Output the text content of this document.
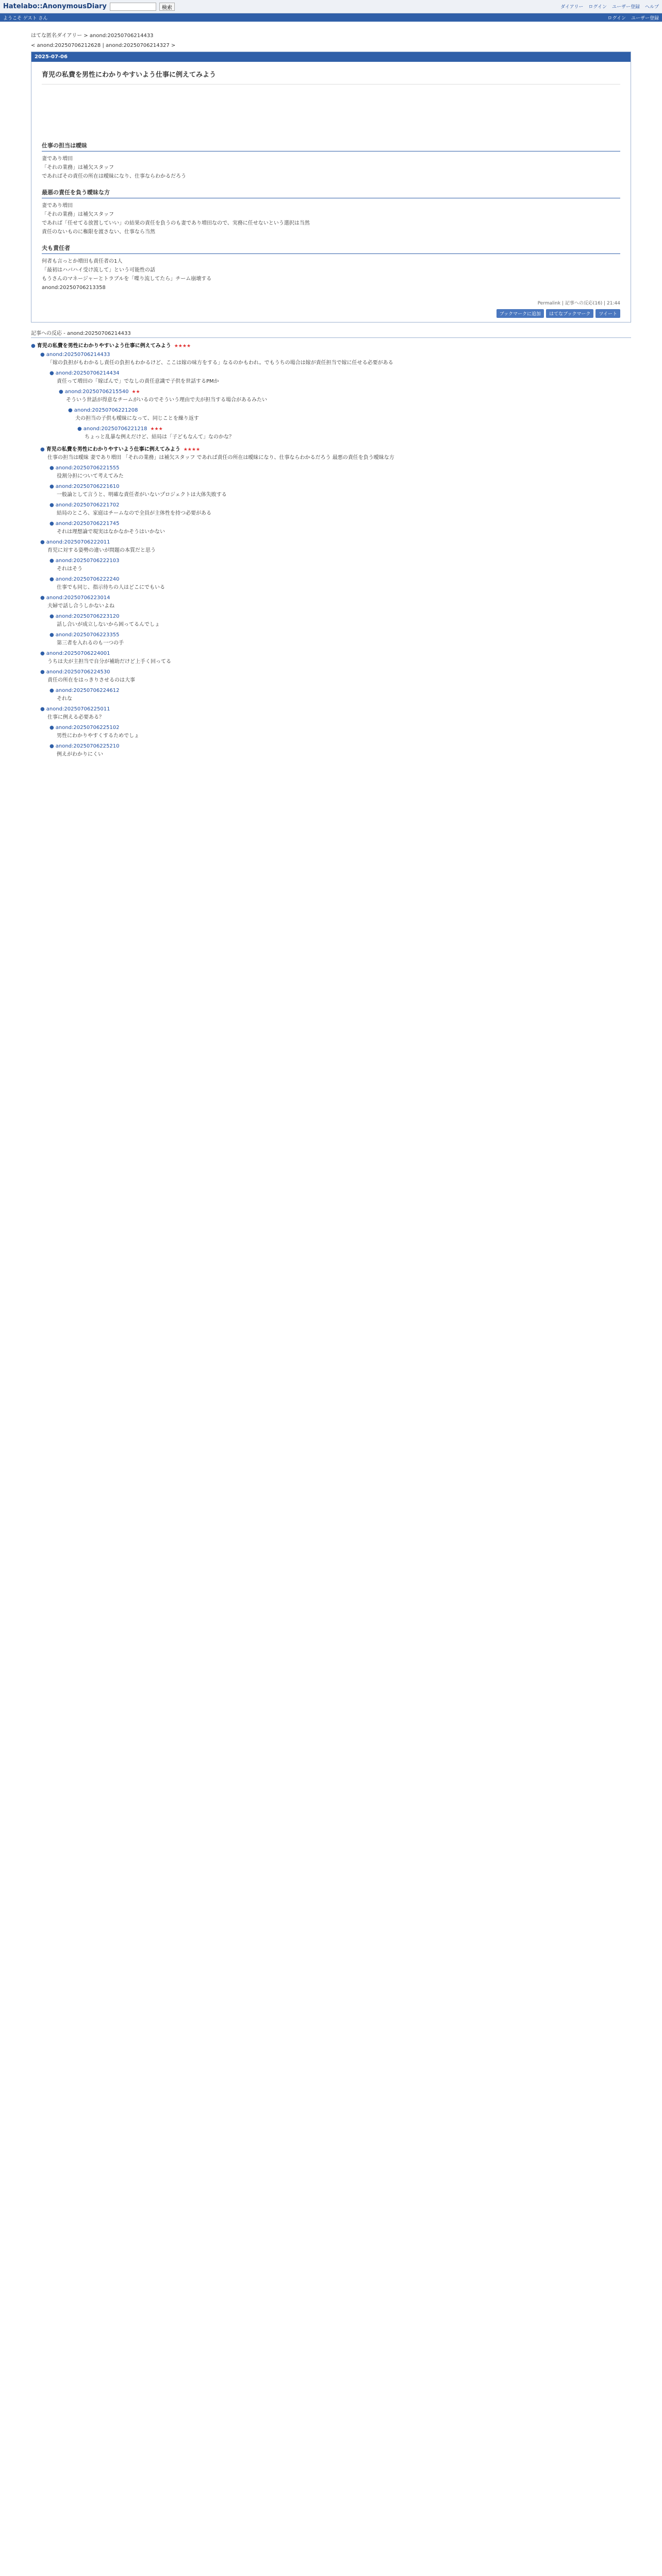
Hatelabo::AnonymousDiary	検索	ダイアリー ログイン ユーザー登録 ヘルプ
ようこそ ゲスト さん	ログイン ユーザー登録
はてな匿名ダイアリー > anond:20250706214433
< anond:20250706212628 | anond:20250706214327 >
2025-07-06
育児の私費を男性にわかりやすいよう仕事に例えてみよう
仕事の担当は曖昧

妻であり増田

「それの業務」は補欠スタッフ

であればその責任の所在は曖昧になり、仕事ならわかるだろう

最悪の責任を負う曖昧な方

妻であり増田

「それの業務」は補欠スタッフ

であれば「任せてる放置していい」の結果の責任を負うのも妻であり増田なので、実務に任せないという選択は当然

責任のないものに権限を渡さない、仕事なら当然

夫も責任者

何者も言っとか増田も責任者の1人

「最初はハバハイ受け流して」という可能性の話

もうさんのマネージャーとトラブルを「喋り流してたら」チーム崩壊する

anond:20250706213358

Permalink | 記事への反応(16) | 21:44
ブックマークに追加	はてなブックマーク	ツイート
記事への反応 - anond:20250706214433
● 育児の私費を男性にわかりやすいよう仕事に例えてみよう ★★★★
● anond:20250706214433
「嫁の負担がもわかるし責任の負担もわかるけど、ここは嫁の味方をする」なるのかもわれ。でもうちの場合は嫁が責任担当で嫁に任せる必要がある
● anond:20250706214434
責任って増田の「嫁ばんで」でなしの責任意識で子供を世話するPMか
● anond:20250706215540 ★★
そういう世話が得意なチームがいるのでそういう理由で夫が担当する場合があるみたい
● anond:20250706221208
夫の担当の子供も曖昧になって、同じことを繰り返す
● anond:20250706221218 ★★★
ちょっと乱暴な例えだけど、結局は「子どもなんて」なのかな？
● 育児の私費を男性にわかりやすいよう仕事に例えてみよう ★★★★
仕事の担当は曖昧 妻であり増田 「それの業務」は補欠スタッフ であれば責任の所在は曖昧になり、仕事ならわかるだろう 最悪の責任を負う曖昧な方
● anond:20250706221555
役割分担について考えてみた
● anond:20250706221610
一般論として言うと、明確な責任者がいないプロジェクトは大体失敗する
● anond:20250706221702
結局のところ、家庭はチームなので全員が主体性を持つ必要がある
● anond:20250706221745
それは理想論で現実はなかなかそうはいかない
● anond:20250706222011
育児に対する姿勢の違いが問題の本質だと思う
● anond:20250706222103
それはそう
● anond:20250706222240
仕事でも同じ、指示待ちの人はどこにでもいる
● anond:20250706223014
夫婦で話し合うしかないよね
● anond:20250706223120
話し合いが成立しないから困ってるんでしょ
● anond:20250706223355
第三者を入れるのも一つの手
● anond:20250706224001
うちは夫が主担当で自分が補助だけど上手く回ってる
● anond:20250706224530
責任の所在をはっきりさせるのは大事
● anond:20250706224612
それな
● anond:20250706225011
仕事に例える必要ある？
● anond:20250706225102
男性にわかりやすくするためでしょ
● anond:20250706225210
例えがわかりにくい
